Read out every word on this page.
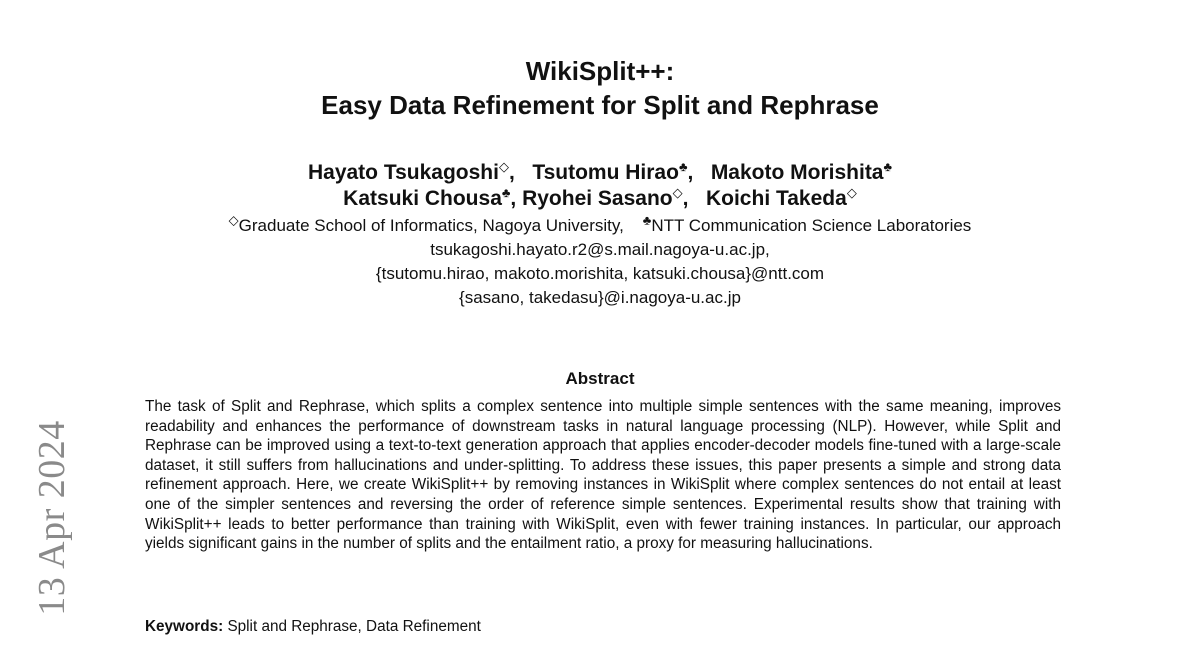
13 Apr 2024
WikiSplit++:
Easy Data Refinement for Split and Rephrase
Hayato Tsukagoshi◇,   Tsutomu Hirao♣,   Makoto Morishita♣
Katsuki Chousa♣, Ryohei Sasano◇,   Koichi Takeda◇
◇Graduate School of Informatics, Nagoya University, ♣NTT Communication Science Laboratories
tsukagoshi.hayato.r2@s.mail.nagoya-u.ac.jp,
{tsutomu.hirao, makoto.morishita, katsuki.chousa}@ntt.com
{sasano, takedasu}@i.nagoya-u.ac.jp
Abstract
The task of Split and Rephrase, which splits a complex sentence into multiple simple sentences with the same meaning, improves readability and enhances the performance of downstream tasks in natural language processing (NLP). However, while Split and Rephrase can be improved using a text-to-text generation approach that applies encoder-decoder models fine-tuned with a large-scale dataset, it still suffers from hallucinations and under-splitting. To address these issues, this paper presents a simple and strong data refinement approach. Here, we create WikiSplit++ by removing instances in WikiSplit where complex sentences do not entail at least one of the simpler sentences and reversing the order of reference simple sentences. Experimental results show that training with WikiSplit++ leads to better performance than training with WikiSplit, even with fewer training instances. In particular, our approach yields significant gains in the number of splits and the entailment ratio, a proxy for measuring hallucinations.
Keywords: Split and Rephrase, Data Refinement
